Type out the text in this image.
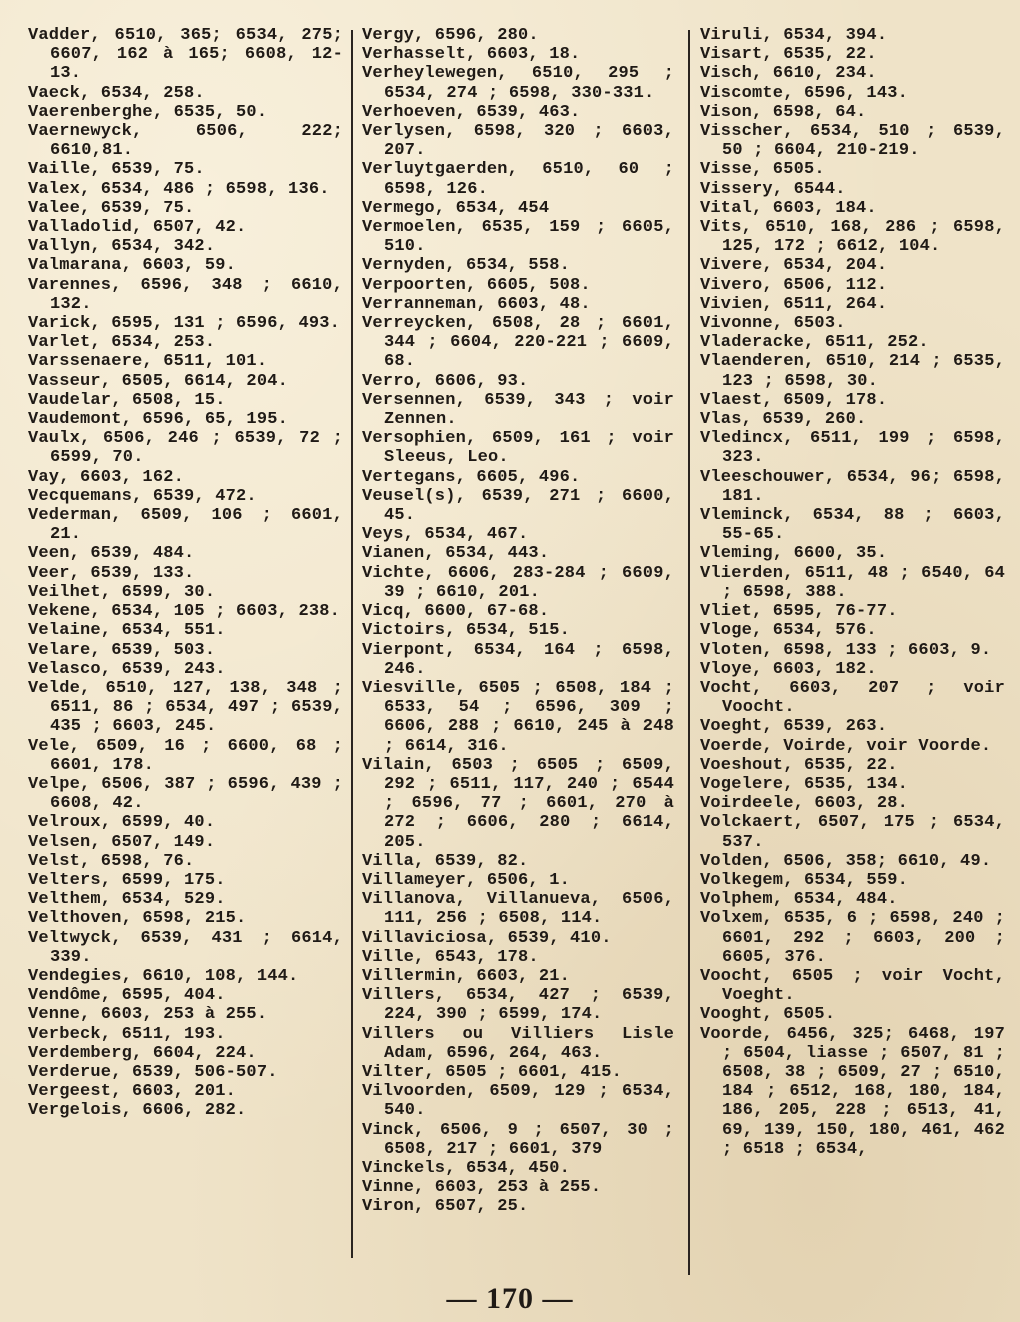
Vadder, 6510, 365; 6534, 275; 6607, 162 à 165; 6608, 12-13.

Vaeck, 6534, 258.

Vaerenberghe, 6535, 50.

Vaernewyck, 6506, 222; 6610,81.

Vaille, 6539, 75.

Valex, 6534, 486 ; 6598, 136.

Valee, 6539, 75.

Valladolid, 6507, 42.

Vallyn, 6534, 342.

Valmarana, 6603, 59.

Varennes, 6596, 348 ; 6610, 132.

Varick, 6595, 131 ; 6596, 493.

Varlet, 6534, 253.

Varssenaere, 6511, 101.

Vasseur, 6505, 6614, 204.

Vaudelar, 6508, 15.

Vaudemont, 6596, 65, 195.

Vaulx, 6506, 246 ; 6539, 72 ; 6599, 70.

Vay, 6603, 162.

Vecquemans, 6539, 472.

Vederman, 6509, 106 ; 6601, 21.

Veen, 6539, 484.

Veer, 6539, 133.

Veilhet, 6599, 30.

Vekene, 6534, 105 ; 6603, 238.

Velaine, 6534, 551.

Velare, 6539, 503.

Velasco, 6539, 243.

Velde, 6510, 127, 138, 348 ; 6511, 86 ; 6534, 497 ; 6539, 435 ; 6603, 245.

Vele, 6509, 16 ; 6600, 68 ; 6601, 178.

Velpe, 6506, 387 ; 6596, 439 ; 6608, 42.

Velroux, 6599, 40.

Velsen, 6507, 149.

Velst, 6598, 76.

Velters, 6599, 175.

Velthem, 6534, 529.

Velthoven, 6598, 215.

Veltwyck, 6539, 431 ; 6614, 339.

Vendegies, 6610, 108, 144.

Vendôme, 6595, 404.

Venne, 6603, 253 à 255.

Verbeck, 6511, 193.

Verdemberg, 6604, 224.

Verderue, 6539, 506-507.

Vergeest, 6603, 201.

Vergelois, 6606, 282.

Vergy, 6596, 280.

Verhasselt, 6603, 18.

Verheylewegen, 6510, 295 ; 6534, 274 ; 6598, 330-331.

Verhoeven, 6539, 463.

Verlysen, 6598, 320 ; 6603, 207.

Verluytgaerden, 6510, 60 ; 6598, 126.

Vermego, 6534, 454

Vermoelen, 6535, 159 ; 6605, 510.

Vernyden, 6534, 558.

Verpoorten, 6605, 508.

Verranneman, 6603, 48.

Verreycken, 6508, 28 ; 6601, 344 ; 6604, 220-221 ; 6609, 68.

Verro, 6606, 93.

Versennen, 6539, 343 ; voir Zennen.

Versophien, 6509, 161 ; voir Sleeus, Leo.

Vertegans, 6605, 496.

Veusel(s), 6539, 271 ; 6600, 45.

Veys, 6534, 467.

Vianen, 6534, 443.

Vichte, 6606, 283-284 ; 6609, 39 ; 6610, 201.

Vicq, 6600, 67-68.

Victoirs, 6534, 515.

Vierpont, 6534, 164 ; 6598, 246.

Viesville, 6505 ; 6508, 184 ; 6533, 54 ; 6596, 309 ; 6606, 288 ; 6610, 245 à 248 ; 6614, 316.

Vilain, 6503 ; 6505 ; 6509, 292 ; 6511, 117, 240 ; 6544 ; 6596, 77 ; 6601, 270 à 272 ; 6606, 280 ; 6614, 205.

Villa, 6539, 82.

Villameyer, 6506, 1.

Villanova, Villanueva, 6506, 111, 256 ; 6508, 114.

Villaviciosa, 6539, 410.

Ville, 6543, 178.

Villermin, 6603, 21.

Villers, 6534, 427 ; 6539, 224, 390 ; 6599, 174.

Villers ou Villiers Lisle Adam, 6596, 264, 463.

Vilter, 6505 ; 6601, 415.

Vilvoorden, 6509, 129 ; 6534, 540.

Vinck, 6506, 9 ; 6507, 30 ; 6508, 217 ; 6601, 379

Vinckels, 6534, 450.

Vinne, 6603, 253 à 255.

Viron, 6507, 25.

Viruli, 6534, 394.

Visart, 6535, 22.

Visch, 6610, 234.

Viscomte, 6596, 143.

Vison, 6598, 64.

Visscher, 6534, 510 ; 6539, 50 ; 6604, 210-219.

Visse, 6505.

Vissery, 6544.

Vital, 6603, 184.

Vits, 6510, 168, 286 ; 6598, 125, 172 ; 6612, 104.

Vivere, 6534, 204.

Vivero, 6506, 112.

Vivien, 6511, 264.

Vivonne, 6503.

Vladeracke, 6511, 252.

Vlaenderen, 6510, 214 ; 6535, 123 ; 6598, 30.

Vlaest, 6509, 178.

Vlas, 6539, 260.

Vledincx, 6511, 199 ; 6598, 323.

Vleeschouwer, 6534, 96; 6598, 181.

Vleminck, 6534, 88 ; 6603, 55-65.

Vleming, 6600, 35.

Vlierden, 6511, 48 ; 6540, 64 ; 6598, 388.

Vliet, 6595, 76-77.

Vloge, 6534, 576.

Vloten, 6598, 133 ; 6603, 9.

Vloye, 6603, 182.

Vocht, 6603, 207 ; voir Voocht.

Voeght, 6539, 263.

Voerde, Voirde, voir Voorde.

Voeshout, 6535, 22.

Vogelere, 6535, 134.

Voirdeele, 6603, 28.

Volckaert, 6507, 175 ; 6534, 537.

Volden, 6506, 358; 6610, 49.

Volkegem, 6534, 559.

Volphem, 6534, 484.

Volxem, 6535, 6 ; 6598, 240 ; 6601, 292 ; 6603, 200 ; 6605, 376.

Voocht, 6505 ; voir Vocht, Voeght.

Vooght, 6505.

Voorde, 6456, 325; 6468, 197 ; 6504, liasse ; 6507, 81 ; 6508, 38 ; 6509, 27 ; 6510, 184 ; 6512, 168, 180, 184, 186, 205, 228 ; 6513, 41, 69, 139, 150, 180, 461, 462 ; 6518 ; 6534,

— 170 —
